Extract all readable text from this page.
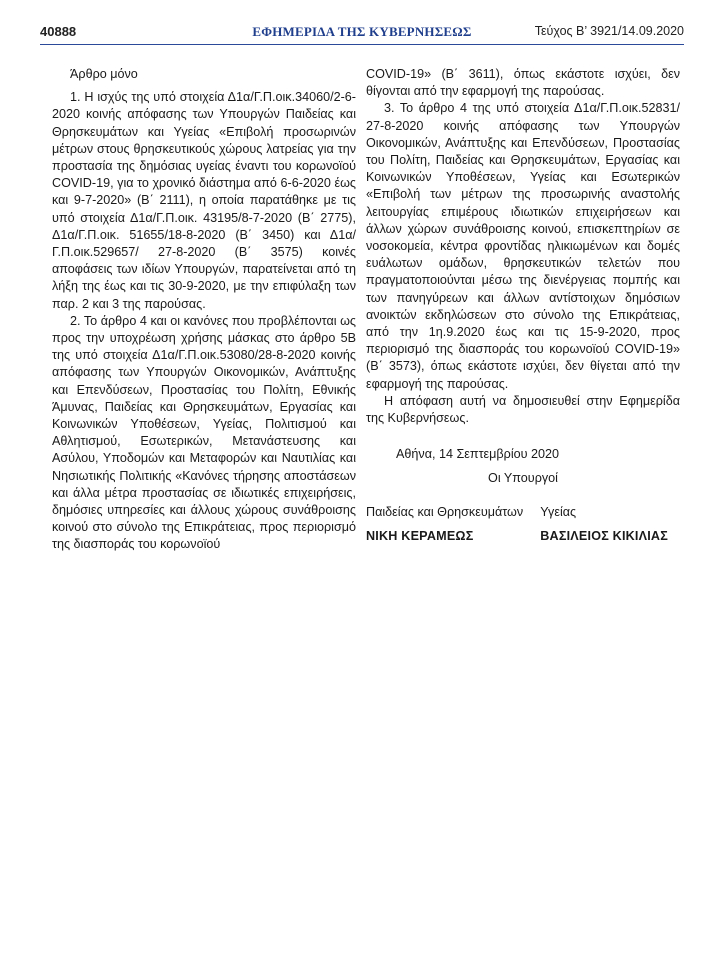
40888	ΕΦΗΜΕΡΙΔΑ ΤΗΣ ΚΥΒΕΡΝΗΣΕΩΣ	Τεύχος Β’ 3921/14.09.2020
Άρθρο μόνο

1. Η ισχύς της υπό στοιχεία Δ1α/Γ.Π.οικ.34060/2-6-2020 κοινής απόφασης των Υπουργών Παιδείας και Θρησκευμάτων και Υγείας «Επιβολή προσωρινών μέτρων στους θρησκευτικούς χώρους λατρείας για την προστασία της δημόσιας υγείας έναντι του κορωνοϊού COVID-19, για το χρονικό διάστημα από 6-6-2020 έως και 9-7-2020» (Β΄ 2111), η οποία παρατάθηκε με τις υπό στοιχεία Δ1α/Γ.Π.οικ. 43195/8-7-2020 (Β΄ 2775), Δ1α/Γ.Π.οικ. 51655/18-8-2020 (Β΄ 3450) και Δ1α/Γ.Π.οικ.529657/ 27-8-2020 (Β΄ 3575) κοινές αποφάσεις των ιδίων Υπουργών, παρατείνεται από τη λήξη της έως και τις 30-9-2020, με την επιφύλαξη των παρ. 2 και 3 της παρούσας.

2. Το άρθρο 4 και οι κανόνες που προβλέπονται ως προς την υποχρέωση χρήσης μάσκας στο άρθρο 5Β της υπό στοιχεία Δ1α/Γ.Π.οικ.53080/28-8-2020 κοινής απόφασης των Υπουργών Οικονομικών, Ανάπτυξης και Επενδύσεων, Προστασίας του Πολίτη, Εθνικής Άμυνας, Παιδείας και Θρησκευμάτων, Εργασίας και Κοινωνικών Υποθέσεων, Υγείας, Πολιτισμού και Αθλητισμού, Εσωτερικών, Μετανάστευσης και Ασύλου, Υποδομών και Μεταφορών και Ναυτιλίας και Νησιωτικής Πολιτικής «Κανόνες τήρησης αποστάσεων και άλλα μέτρα προστασίας σε ιδιωτικές επιχειρήσεις, δημόσιες υπηρεσίες και άλλους χώρους συνάθροισης κοινού στο σύνολο της Επικράτειας, προς περιορισμό της διασποράς του κορωνοϊού

COVID-19» (Β΄ 3611), όπως εκάστοτε ισχύει, δεν θίγονται από την εφαρμογή της παρούσας.

3. Το άρθρο 4 της υπό στοιχεία Δ1α/Γ.Π.οικ.52831/ 27-8-2020 κοινής απόφασης των Υπουργών Οικονομικών, Ανάπτυξης και Επενδύσεων, Προστασίας του Πολίτη, Παιδείας και Θρησκευμάτων, Εργασίας και Κοινωνικών Υποθέσεων, Υγείας και Εσωτερικών «Επιβολή των μέτρων της προσωρινής αναστολής λειτουργίας επιμέρους ιδιωτικών επιχειρήσεων και άλλων χώρων συνάθροισης κοινού, επισκεπτηρίων σε νοσοκομεία, κέντρα φροντίδας ηλικιωμένων και δομές ευάλωτων ομάδων, θρησκευτικών τελετών που πραγματοποιούνται μέσω της διενέργειας πομπής και των πανηγύρεων και άλλων αντίστοιχων δημόσιων ανοικτών εκδηλώσεων στο σύνολο της Επικράτειας, από την 1η.9.2020 έως και τις 15-9-2020, προς περιορισμό της διασποράς του κορωνοϊού COVID-19» (Β΄ 3573), όπως εκάστοτε ισχύει, δεν θίγεται από την εφαρμογή της παρούσας.

Η απόφαση αυτή να δημοσιευθεί στην Εφημερίδα της Κυβερνήσεως.

Αθήνα, 14 Σεπτεμβρίου 2020
Οι Υπουργοί
Παιδείας και Θρησκευμάτων
ΝΙΚΗ ΚΕΡΑΜΕΩΣ
Υγείας
ΒΑΣΙΛΕΙΟΣ ΚΙΚΙΛΙΑΣ
